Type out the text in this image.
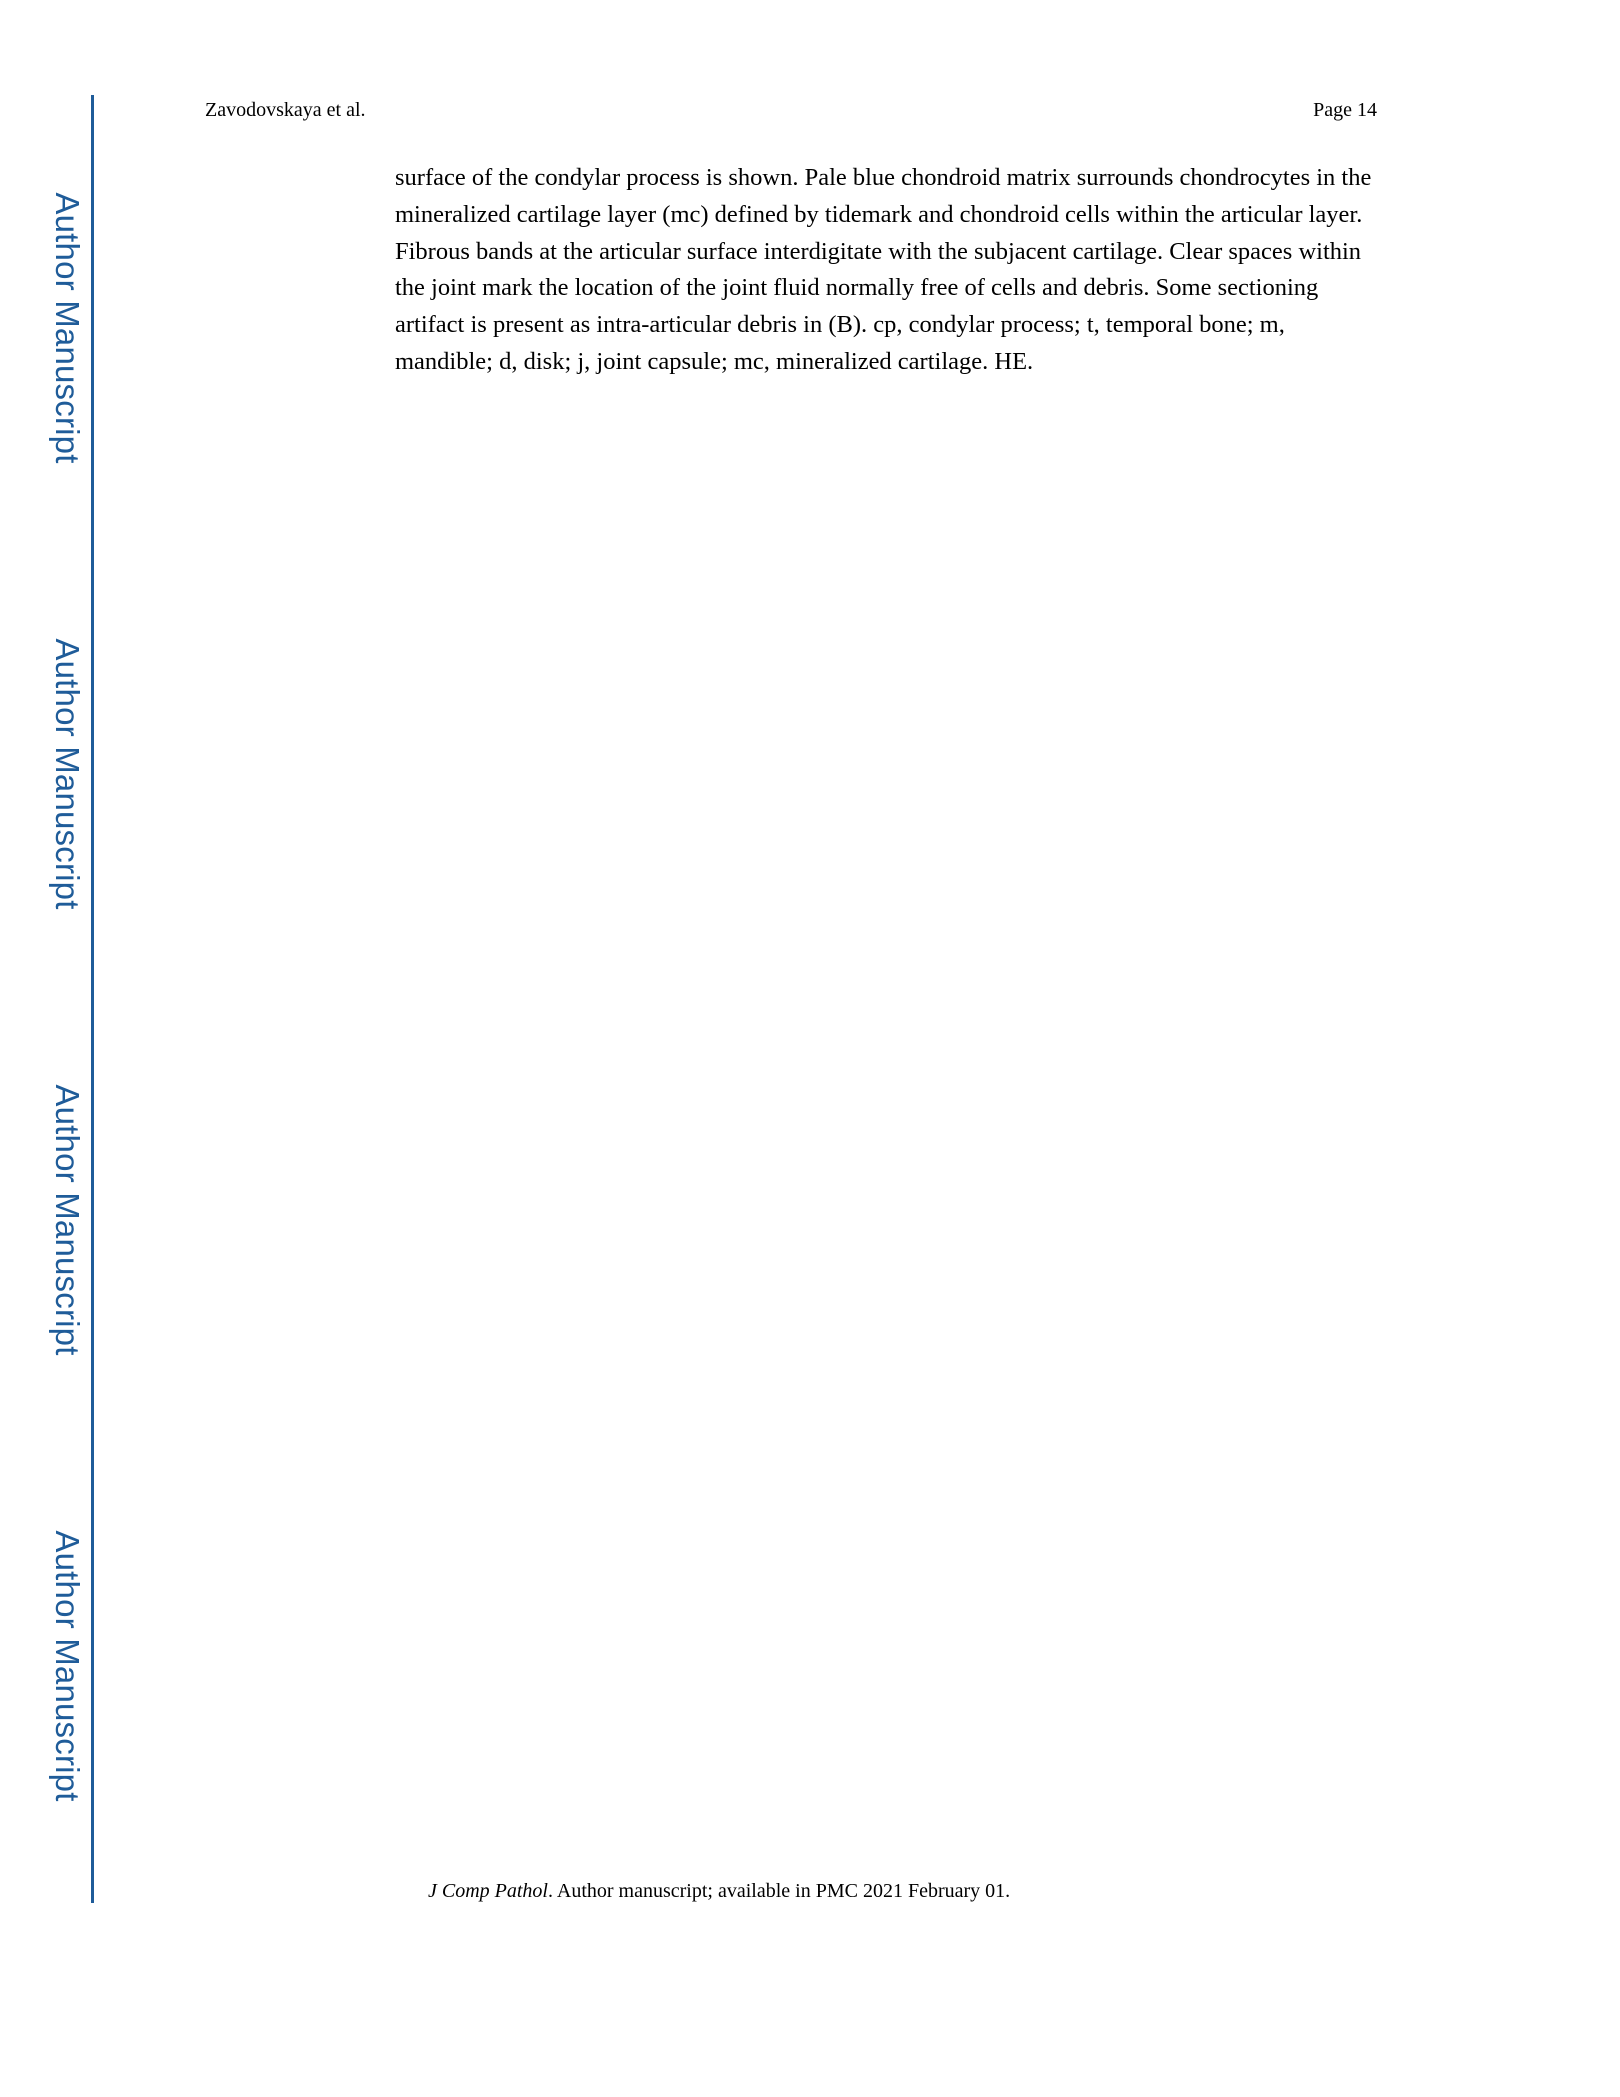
Author Manuscript
Author Manuscript
Author Manuscript
Author Manuscript
Zavodovskaya et al.	Page 14

surface of the condylar process is shown. Pale blue chondroid matrix surrounds chondrocytes in the mineralized cartilage layer (mc) defined by tidemark and chondroid cells within the articular layer. Fibrous bands at the articular surface interdigitate with the subjacent cartilage. Clear spaces within the joint mark the location of the joint fluid normally free of cells and debris. Some sectioning artifact is present as intra-articular debris in (B). cp, condylar process; t, temporal bone; m, mandible; d, disk; j, joint capsule; mc, mineralized cartilage. HE.

J Comp Pathol. Author manuscript; available in PMC 2021 February 01.
